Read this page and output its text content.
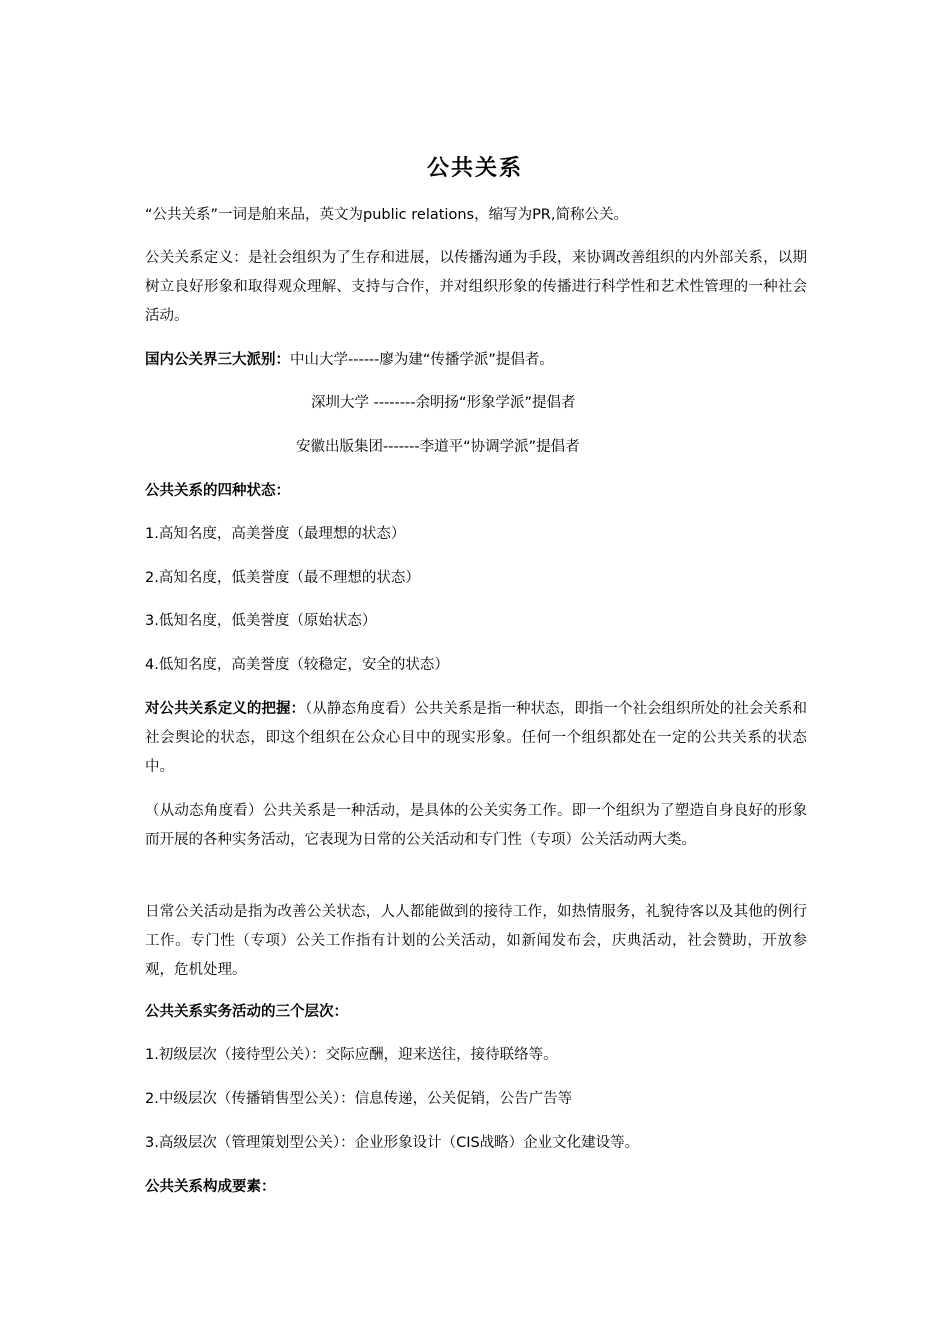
公共关系

“公共关系”一词是舶来品，英文为public relations，缩写为PR,简称公关。

公关关系定义：是社会组织为了生存和进展，以传播沟通为手段，来协调改善组织的内外部关系，以期树立良好形象和取得观众理解、支持与合作，并对组织形象的传播进行科学性和艺术性管理的一种社会活动。

国内公关界三大派别：中山大学------廖为建“传播学派”提倡者。

深圳大学 --------余明扬“形象学派”提倡者

安徽出版集团-------李道平“协调学派”提倡者

公共关系的四种状态：

1.高知名度，高美誉度（最理想的状态）

2.高知名度，低美誉度（最不理想的状态）

3.低知名度，低美誉度（原始状态）

4.低知名度，高美誉度（较稳定，安全的状态）

对公共关系定义的把握：（从静态角度看）公共关系是指一种状态，即指一个社会组织所处的社会关系和社会舆论的状态，即这个组织在公众心目中的现实形象。任何一个组织都处在一定的公共关系的状态中。

（从动态角度看）公共关系是一种活动，是具体的公关实务工作。即一个组织为了塑造自身良好的形象而开展的各种实务活动，它表现为日常的公关活动和专门性（专项）公关活动两大类。

日常公关活动是指为改善公关状态，人人都能做到的接待工作，如热情服务，礼貌待客以及其他的例行工作。专门性（专项）公关工作指有计划的公关活动，如新闻发布会，庆典活动，社会赞助，开放参观，危机处理。

公共关系实务活动的三个层次：

1.初级层次（接待型公关）：交际应酬，迎来送往，接待联络等。

2.中级层次（传播销售型公关）：信息传递，公关促销，公告广告等

3.高级层次（管理策划型公关）：企业形象设计（CIS战略）企业文化建设等。

公共关系构成要素：
